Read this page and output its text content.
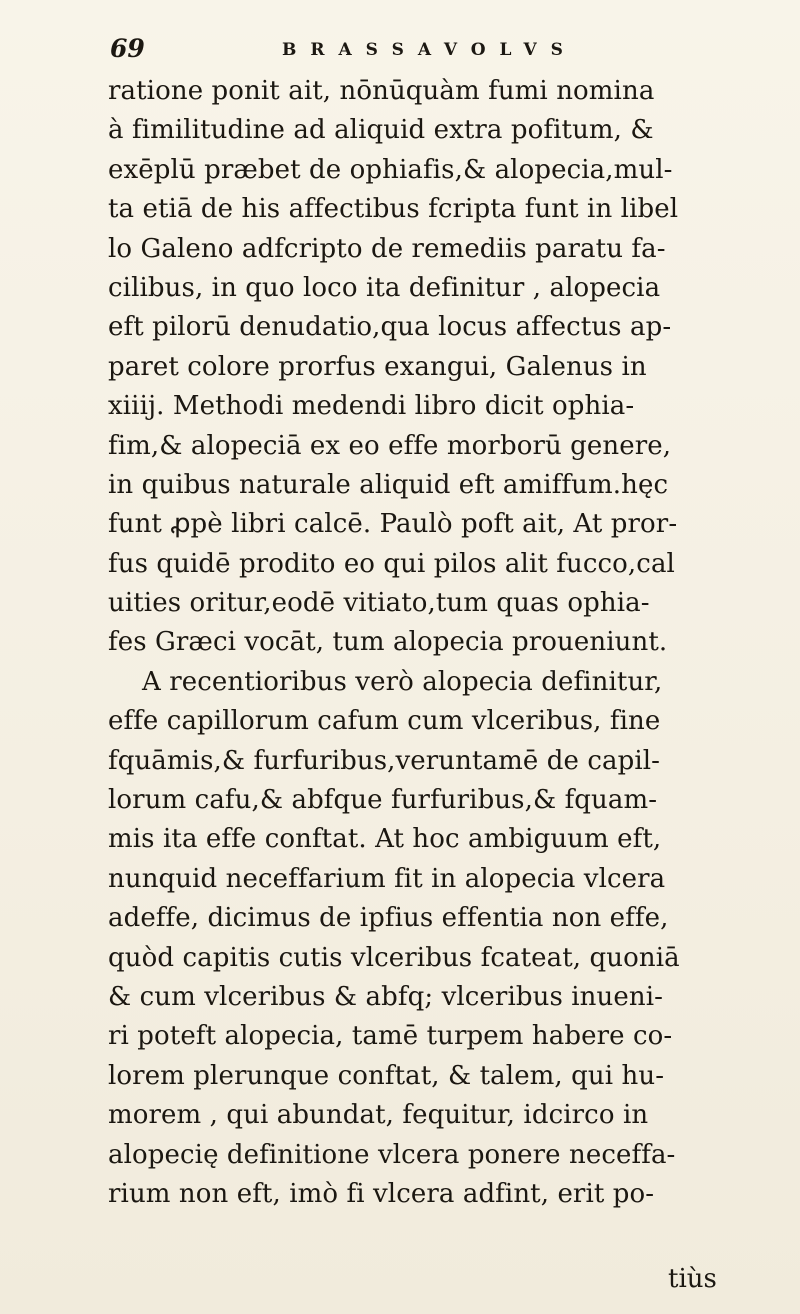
69	BRASSAVOLVS
ratione ponit ait, nōnūquàm fumi nomina
à fimilitudine ad aliquid extra pofitum, &
exēplū præbet de ophiafis,& alopecia,mul-
ta etiā de his affectibus fcripta funt in libel
lo Galeno adfcripto de remediis paratu fa-
cilibus, in quo loco ita definitur , alopecia
eft pilorū denudatio,qua locus affectus ap-
paret colore prorfus exangui, Galenus in
xiiij. Methodi medendi libro dicit ophia-
fim,& alopeciā ex eo effe morborū genere,
in quibus naturale aliquid eft amiffum.hęc
funt ꝓpè libri calcē. Paulò poft ait, At pror-
fus quidē prodito eo qui pilos alit fucco,cal
uities oritur,eodē vitiato,tum quas ophia-
fes Græci vocāt, tum alopecia proueniunt.
A recentioribus verò alopecia definitur,
effe capillorum cafum cum vlceribus, fine
fquāmis,& furfuribus,veruntamē de capil-
lorum cafu,& abfque furfuribus,& fquam-
mis ita effe conftat. At hoc ambiguum eft,
nunquid neceffarium fit in alopecia vlcera
adeffe, dicimus de ipfius effentia non effe,
quòd capitis cutis vlceribus fcateat, quoniā
& cum vlceribus & abfq; vlceribus inueni-
ri poteft alopecia, tamē turpem habere co-
lorem plerunque conftat, & talem, qui hu-
morem , qui abundat, fequitur, idcirco in
alopecię definitione vlcera ponere neceffa-
rium non eft, imò fi vlcera adfint, erit po-
tiùs
